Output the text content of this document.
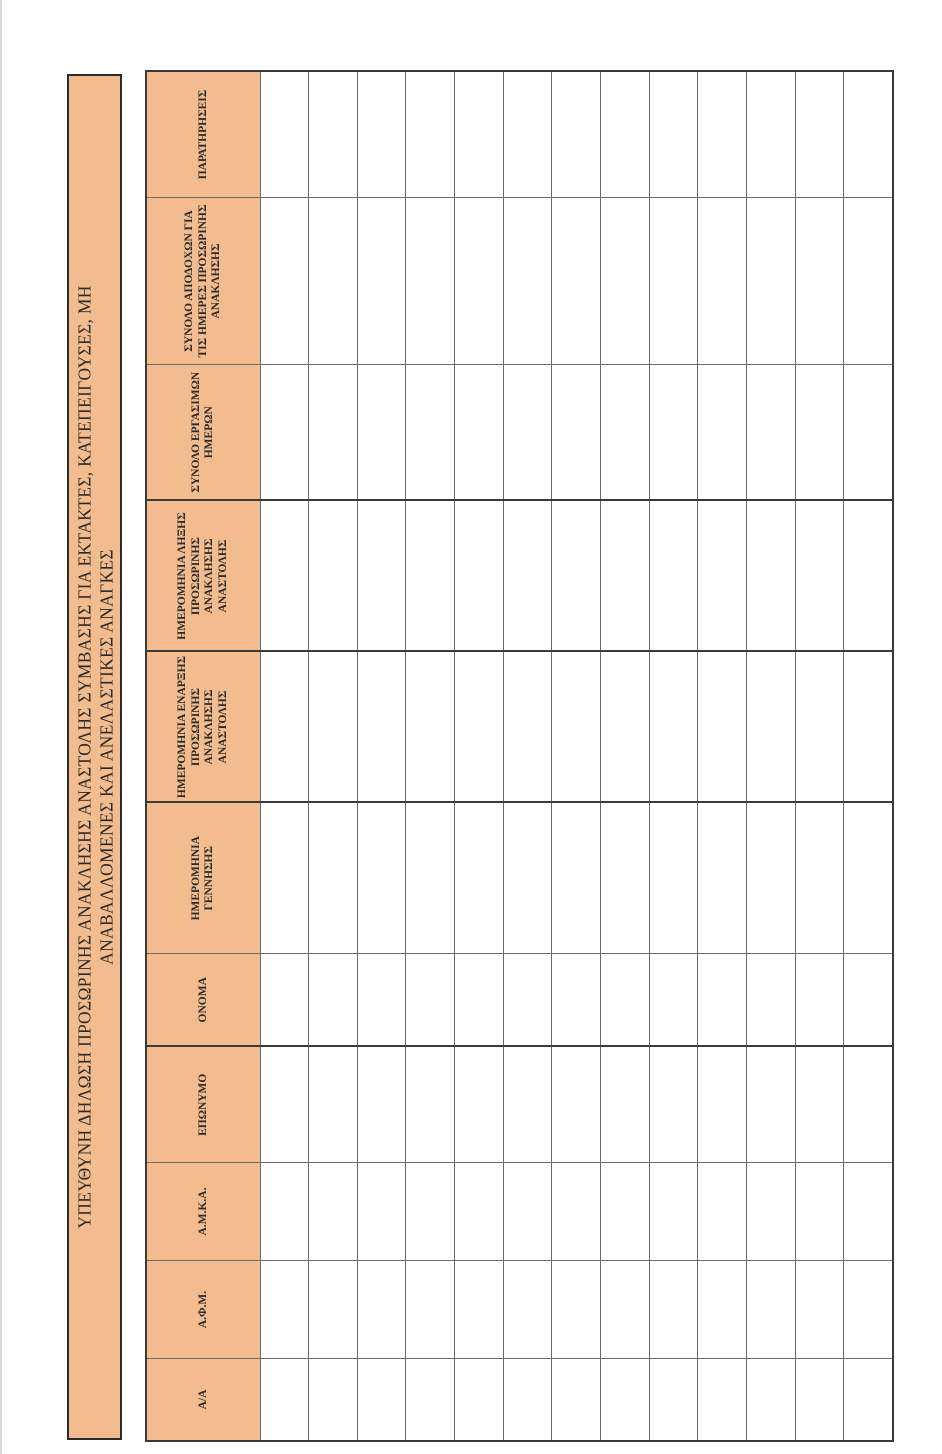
ΥΠΕΥΘΥΝΗ ΔΗΛΩΣΗ ΠΡΟΣΩΡΙΝΗΣ ΑΝΑΚΛΗΣΗΣ ΑΝΑΣΤΟΛΗΣ ΣΥΜΒΑΣΗΣ ΓΙΑ ΕΚΤΑΚΤΕΣ, ΚΑΤΕΠΕΙΓΟΥΣΕΣ, ΜΗ ΑΝΑΒΑΛΛΟΜΕΝΕΣ ΚΑΙ ΑΝΕΛΑΣΤΙΚΕΣ ΑΝΑΓΚΕΣ
Α/Α	Α.Φ.Μ.	Α.Μ.Κ.Α.	ΕΠΩΝΥΜΟ	ΟΝΟΜΑ	ΗΜΕΡΟΜΗΝΙΑ ΓΕΝΝΗΣΗΣ	ΗΜΕΡΟΜΗΝΙΑ ΕΝΑΡΞΗΣ ΠΡΟΣΩΡΙΝΗΣ ΑΝΑΚΛΗΣΗΣ ΑΝΑΣΤΟΛΗΣ	ΗΜΕΡΟΜΗΝΙΑ ΛΗΞΗΣ ΠΡΟΣΩΡΙΝΗΣ ΑΝΑΚΛΗΣΗΣ ΑΝΑΣΤΟΛΗΣ	ΣΥΝΟΛΟ ΕΡΓΑΣΙΜΩΝ ΗΜΕΡΩΝ	ΣΥΝΟΛΟ ΑΠΟΔΟΧΩΝ ΓΙΑ ΤΙΣ ΗΜΕΡΕΣ ΠΡΟΣΩΡΙΝΗΣ ΑΝΑΚΛΗΣΗΣ	ΠΑΡΑΤΗΡΗΣΕΙΣ
